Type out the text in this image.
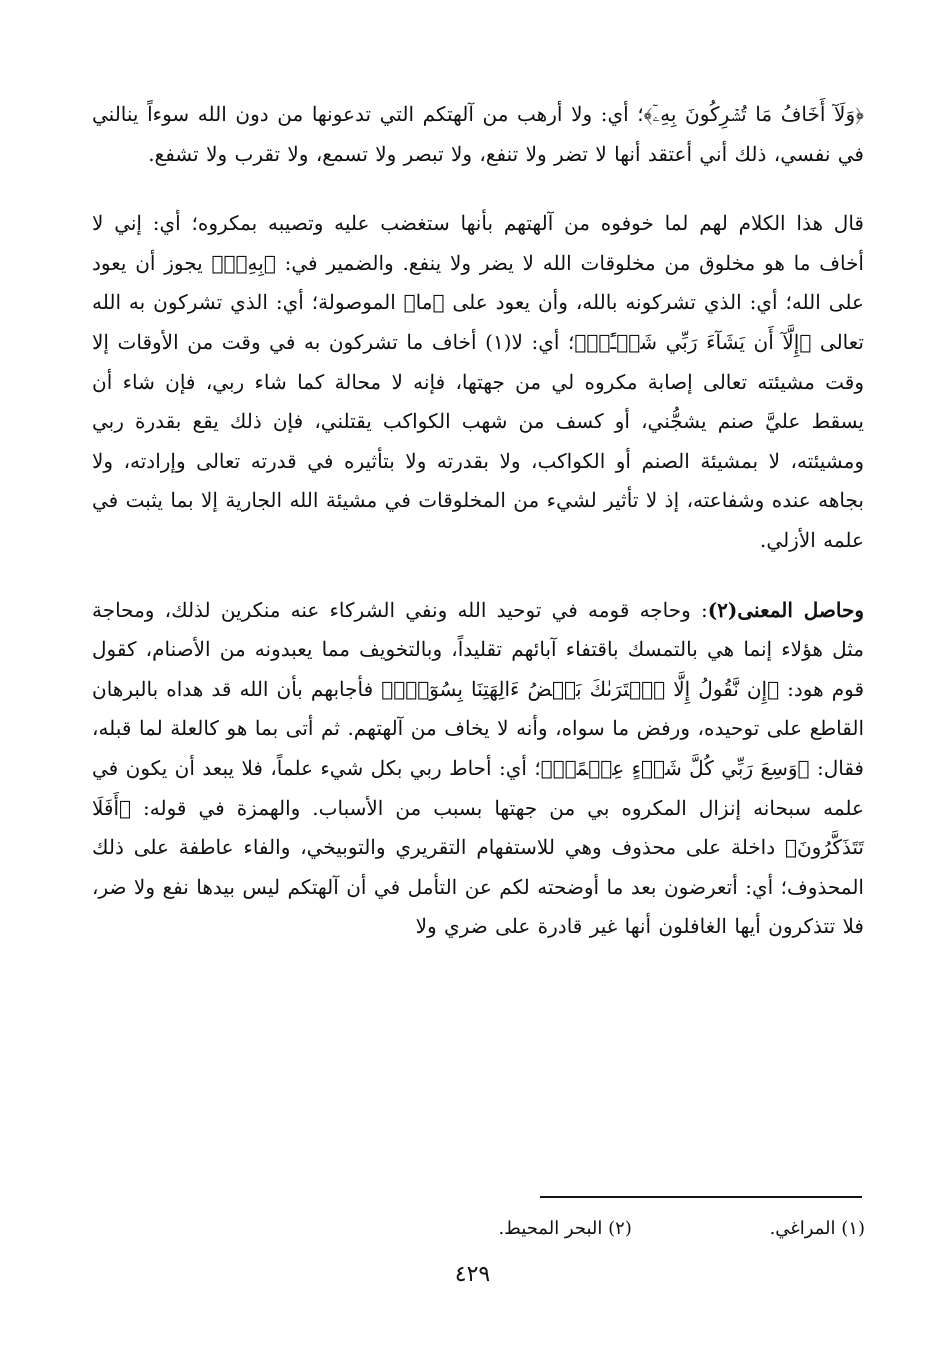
﴿وَلَآ أَخَافُ مَا تُشۡرِكُونَ بِهِۦٓ﴾؛ أي: ولا أرهب من آلهتكم التي تدعونها من دون الله سوءاً ينالني في نفسي، ذلك أني أعتقد أنها لا تضر ولا تنفع، ولا تبصر ولا تسمع، ولا تقرب ولا تشفع.

قال هذا الكلام لهم لما خوفوه من آلهتهم بأنها ستغضب عليه وتصيبه بمكروه؛ أي: إني لا أخاف ما هو مخلوق من مخلوقات الله لا يضر ولا ينفع. والضمير في: ﴿بِهِۦٓ﴾ يجوز أن يعود على الله؛ أي: الذي تشركونه بالله، وأن يعود على ﴿ما﴾ الموصولة؛ أي: الذي تشركون به الله تعالى ﴿إِلَّآ أَن يَشَآءَ رَبِّي شَيۡـًٔاۗ﴾؛ أي: لا(١) أخاف ما تشركون به في وقت من الأوقات إلا وقت مشيئته تعالى إصابة مكروه لي من جهتها، فإنه لا محالة كما شاء ربي، فإن شاء أن يسقط عليَّ صنم يشجُّني، أو كسف من شهب الكواكب يقتلني، فإن ذلك يقع بقدرة ربي ومشيئته، لا بمشيئة الصنم أو الكواكب، ولا بقدرته ولا بتأثيره في قدرته تعالى وإرادته، ولا بجاهه عنده وشفاعته، إذ لا تأثير لشيء من المخلوقات في مشيئة الله الجارية إلا بما يثبت في علمه الأزلي.

وحاصل المعنى(٢): وحاجه قومه في توحيد الله ونفي الشركاء عنه منكرين لذلك، ومحاجة مثل هؤلاء إنما هي بالتمسك باقتفاء آبائهم تقليداً، وبالتخويف مما يعبدونه من الأصنام، كقول قوم هود: ﴿إِن نَّقُولُ إِلَّا ٱعۡتَرَىٰكَ بَعۡضُ ءَالِهَتِنَا بِسُوٓءٖۗ﴾ فأجابهم بأن الله قد هداه بالبرهان القاطع على توحيده، ورفض ما سواه، وأنه لا يخاف من آلهتهم. ثم أتى بما هو كالعلة لما قبله، فقال: ﴿وَسِعَ رَبِّي كُلَّ شَيۡءٍ عِلۡمًاۚ﴾؛ أي: أحاط ربي بكل شيء علماً، فلا يبعد أن يكون في علمه سبحانه إنزال المكروه بي من جهتها بسبب من الأسباب. والهمزة في قوله: ﴿أَفَلَا تَتَذَكَّرُونَ﴾ داخلة على محذوف وهي للاستفهام التقريري والتوبيخي، والفاء عاطفة على ذلك المحذوف؛ أي: أتعرضون بعد ما أوضحته لكم عن التأمل في أن آلهتكم ليس بيدها نفع ولا ضر، فلا تتذكرون أيها الغافلون أنها غير قادرة على ضري ولا

(١) المراغي. (٢) البحر المحيط.
٤٢٩
